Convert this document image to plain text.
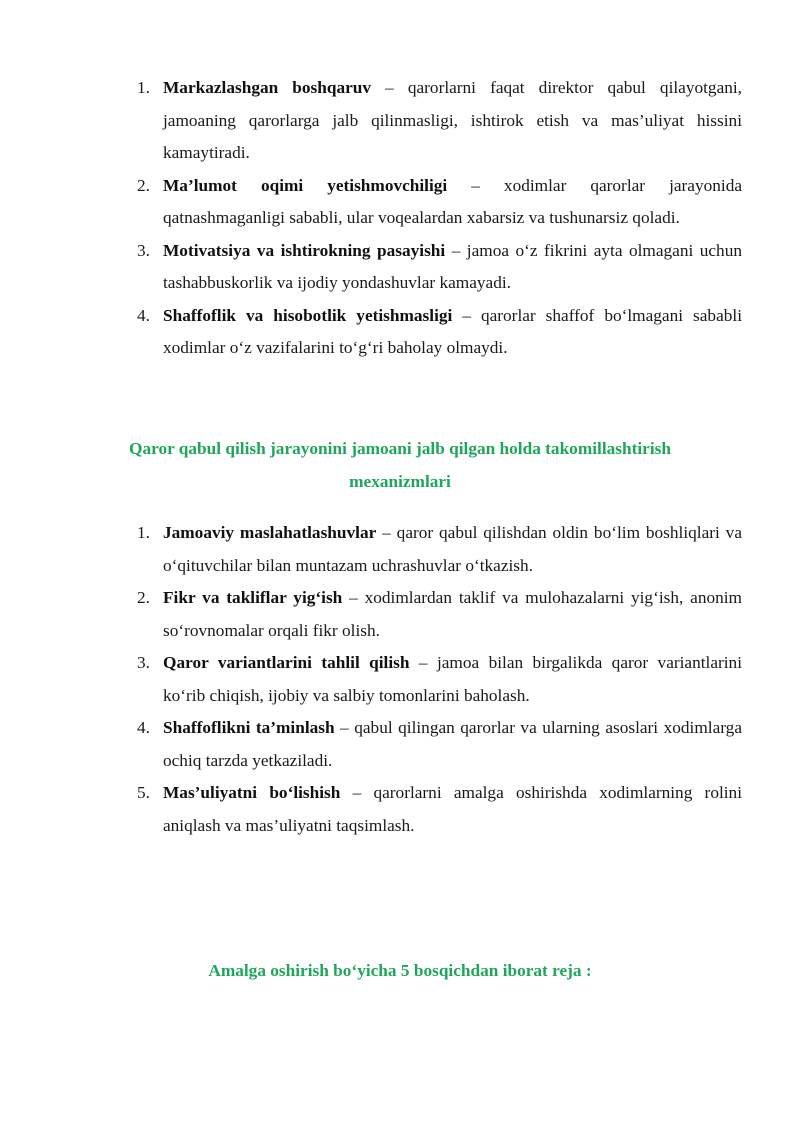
1. Markazlashgan boshqaruv – qarorlarni faqat direktor qabul qilayotgani, jamoaning qarorlarga jalb qilinmasligi, ishtirok etish va mas’uliyat hissini kamaytiradi.
2. Ma’lumot oqimi yetishmovchiligi – xodimlar qarorlar jarayonida qatnashmaganligi sababli, ular voqealardan xabarsiz va tushunarsiz qoladi.
3. Motivatsiya va ishtirokning pasayishi – jamoa o‘z fikrini ayta olmagani uchun tashabbuskorlik va ijodiy yondashuvlar kamayadi.
4. Shaffoflik va hisobotlik yetishmasligi – qarorlar shaffof bo‘lmagani sababli xodimlar o‘z vazifalarini to‘g‘ri baholay olmaydi.
Qaror qabul qilish jarayonini jamoani jalb qilgan holda takomillashtirish mexanizmlari
1. Jamoaviy maslahatlashuvlar – qaror qabul qilishdan oldin bo‘lim boshliqlari va o‘qituvchilar bilan muntazam uchrashuvlar o‘tkazish.
2. Fikr va takliflar yig‘ish – xodimlardan taklif va mulohazalarni yig‘ish, anonim so‘rovnomalar orqali fikr olish.
3. Qaror variantlarini tahlil qilish – jamoa bilan birgalikda qaror variantlarini ko‘rib chiqish, ijobiy va salbiy tomonlarini baholash.
4. Shaffoflikni ta’minlash – qabul qilingan qarorlar va ularning asoslari xodimlarga ochiq tarzda yetkaziladi.
5. Mas’uliyatni bo‘lishish – qarorlarni amalga oshirishda xodimlarning rolini aniqlash va mas’uliyatni taqsimlash.
Amalga oshirish bo‘yicha 5 bosqichdan iborat reja :
